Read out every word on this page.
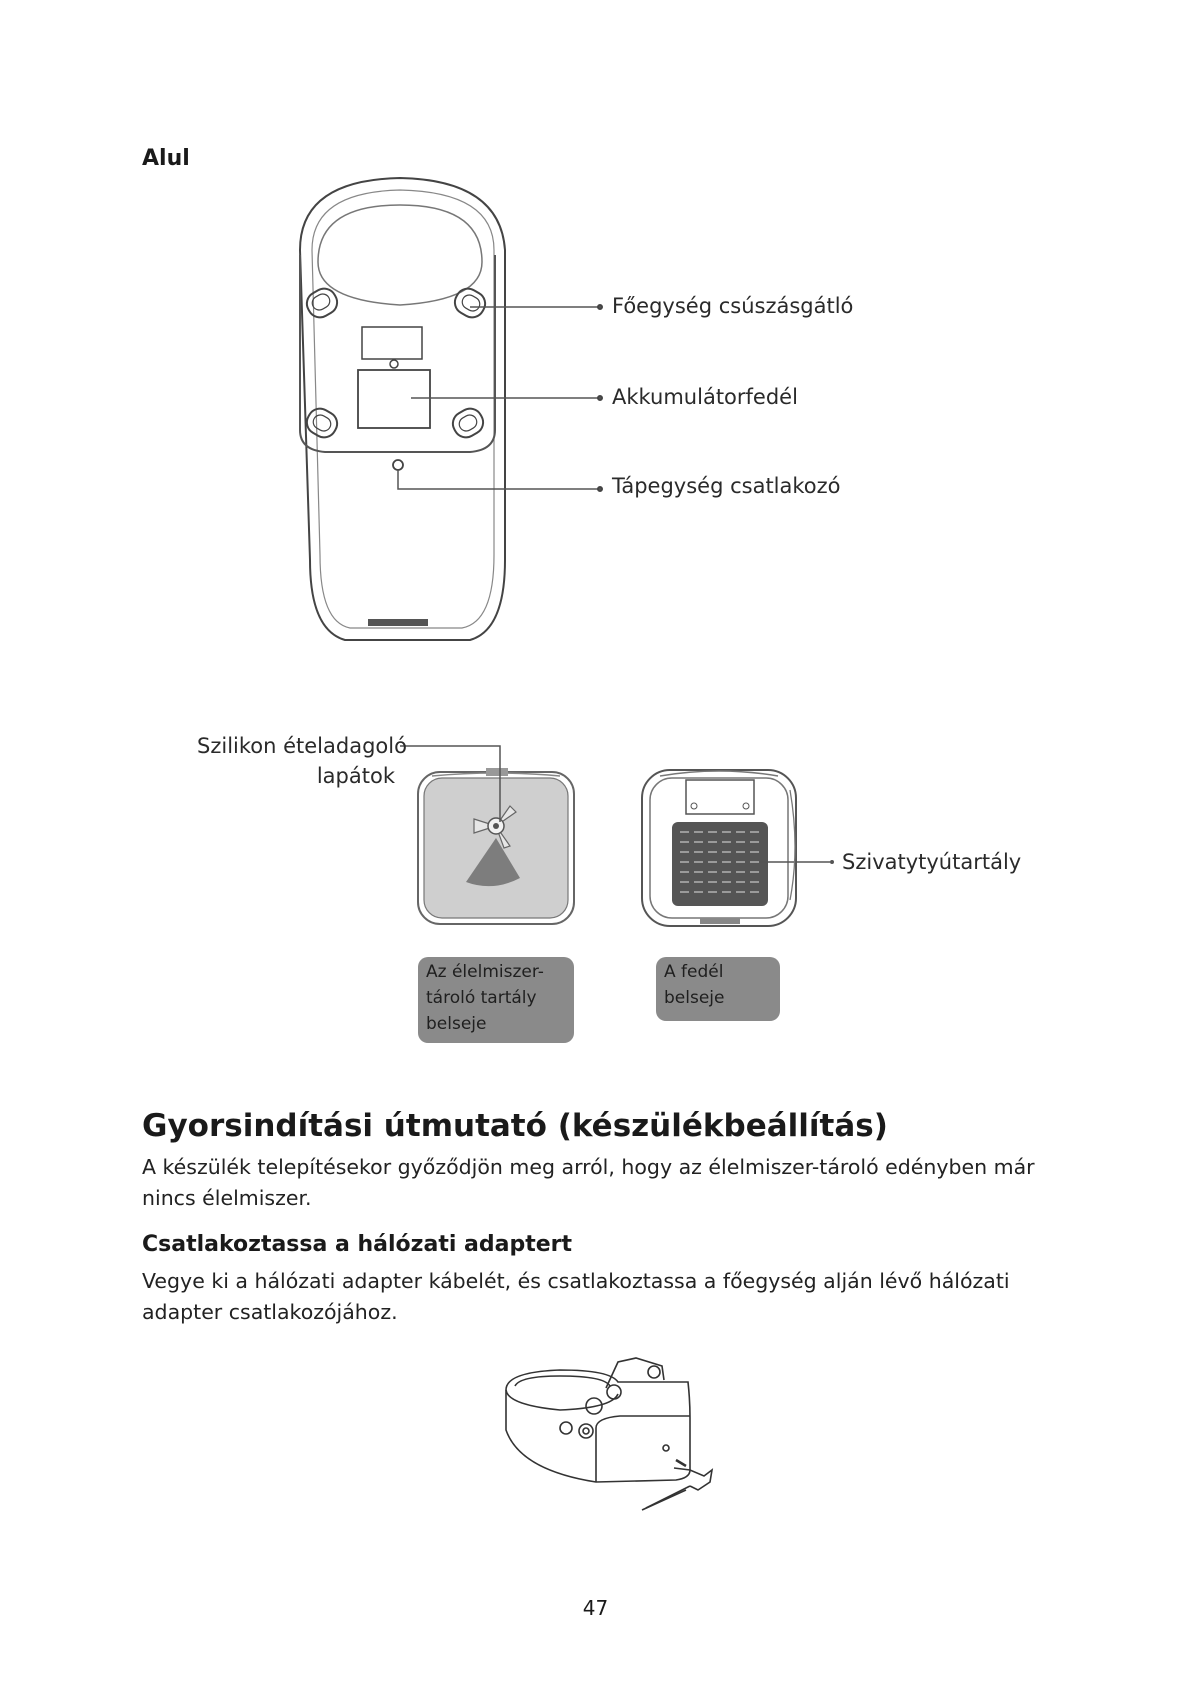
Alul
Főegység csúszásgátló
Akkumulátorfedél
Tápegység csatlakozó
Szilikon ételadagoló
lapátok
Szivatytyútartály
Az élelmiszer-
tároló tartály
belseje
A fedél
belseje
Gyorsindítási útmutató (készülékbeállítás)
A készülék telepítésekor győződjön meg arról, hogy az élelmiszer-tároló edényben már nincs élelmiszer.
Csatlakoztassa a hálózati adaptert
Vegye ki a hálózati adapter kábelét, és csatlakoztassa a főegység alján lévő hálózati adapter csatlakozójához.
47
